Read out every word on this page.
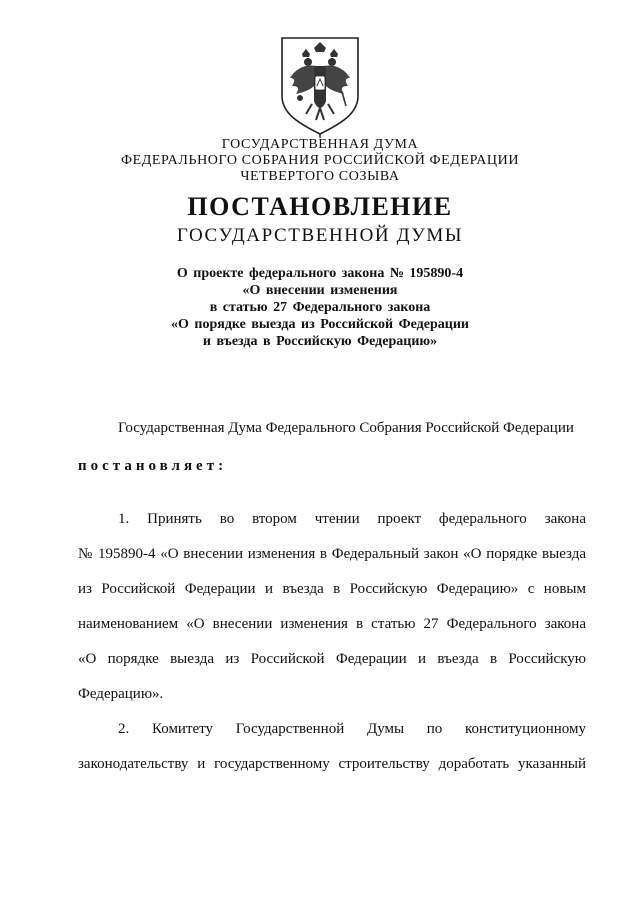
ГОСУДАРСТВЕННАЯ ДУМА
ФЕДЕРАЛЬНОГО СОБРАНИЯ РОССИЙСКОЙ ФЕДЕРАЦИИ
ЧЕТВЕРТОГО СОЗЫВА
ПОСТАНОВЛЕНИЕ
ГОСУДАРСТВЕННОЙ ДУМЫ
О проекте федерального закона № 195890-4
«О внесении изменения
в статью 27 Федерального закона
«О порядке выезда из Российской Федерации
и въезда в Российскую Федерацию»
Государственная Дума Федерального Собрания Российской Федерации
постановляет:
1. Принять во втором чтении проект федерального закона
№ 195890-4 «О внесении изменения в Федеральный закон «О порядке выезда
из Российской Федерации и въезда в Российскую Федерацию» с новым
наименованием «О внесении изменения в статью 27 Федерального закона
«О порядке выезда из Российской Федерации и въезда в Российскую
Федерацию».
2. Комитету Государственной Думы по конституционному
законодательству и государственному строительству доработать указанный
